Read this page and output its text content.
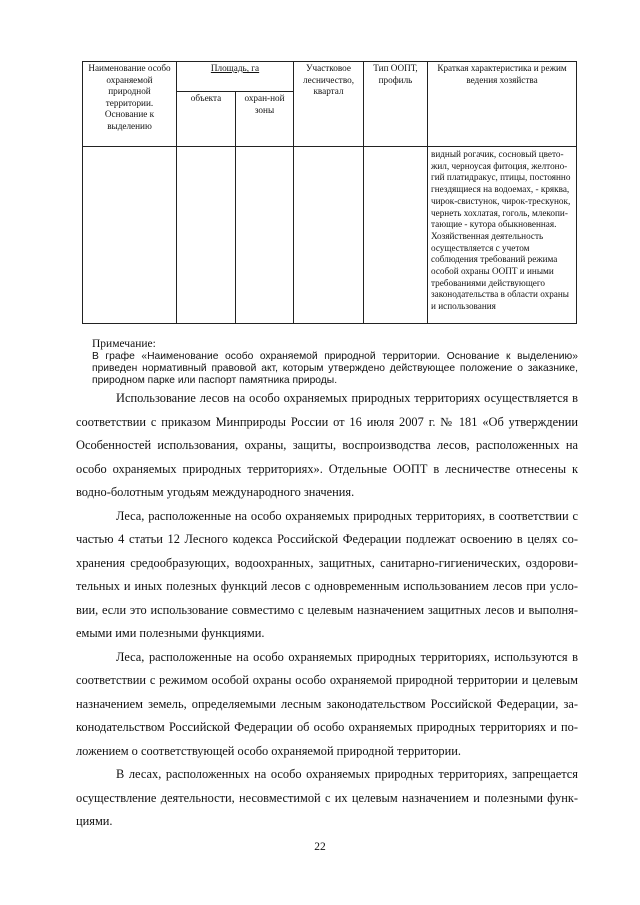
Наименование особо охраняемой природной территории. Основание к выделению	Площадь, га		Участковое лесничество, квартал	Тип ООПТ, профиль	Краткая характеристика и режим ведения хозяйства
	объекта	охран-ной зоны			
					видный рогачик, сосновый цвето-жил, черноусая фитоция, желтоно-гий платидракус, птицы, постоянно гнездящиеся на водоемах, - кряква, чирок-свистунок, чирок-трескунок, чернеть хохлатая, гоголь, млекопи-тающие - кутора обыкновенная. Хозяйственная деятельность осуществляется с учетом соблюдения требований режима особой охраны ООПТ и иными требованиями действующего законодательства в области охраны и использования
Примечание:
В графе «Наименование особо охраняемой природной территории. Основание к выделению» приведен нормативный правовой акт, которым утверждено действующее положение о заказнике, природном парке или паспорт памятника природы.

Использование лесов на особо охраняемых природных территориях осуществляется в соответствии с приказом Минприроды России от 16 июля 2007 г. № 181 «Об утверждении Особенностей использования, охраны, защиты, воспроизводства лесов, расположенных на особо охраняемых природных территориях». Отдельные ООПТ в лесничестве отнесены к водно-болотным угодьям международного значения.

Леса, расположенные на особо охраняемых природных территориях, в соответствии с частью 4 статьи 12 Лесного кодекса Российской Федерации подлежат освоению в целях со-хранения средообразующих, водоохранных, защитных, санитарно-гигиенических, оздорови-тельных и иных полезных функций лесов с одновременным использованием лесов при усло-вии, если это использование совместимо с целевым назначением защитных лесов и выполня-емыми ими полезными функциями.

Леса, расположенные на особо охраняемых природных территориях, используются в соответствии с режимом особой охраны особо охраняемой природной территории и целевым назначением земель, определяемыми лесным законодательством Российской Федерации, за-конодательством Российской Федерации об особо охраняемых природных территориях и по-ложением о соответствующей особо охраняемой природной территории.

В лесах, расположенных на особо охраняемых природных территориях, запрещается осуществление деятельности, несовместимой с их целевым назначением и полезными функ-циями.

22
